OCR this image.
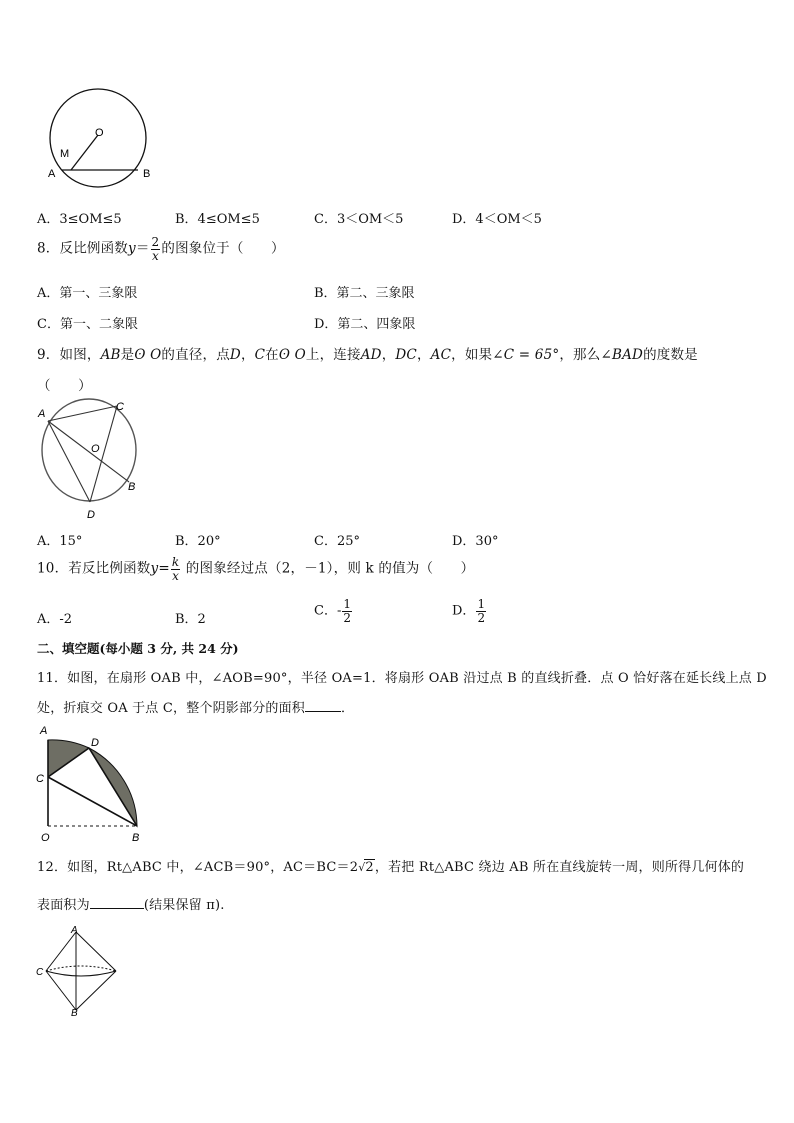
O
M
A	B
A．3≤OM≤5	B．4≤OM≤5	C．3＜OM＜5	D．4＜OM＜5
8．反比例函数$y= \frac{2}{x}$ 的图象位于（　　）
A．第一、三象限	B．第二、三象限
C．第一、二象限	D．第二、四象限
9．如图，AB是ʘ O的直径，点D，C在ʘ O上，连接AD，DC，AC，如果∠C = 65°，那么∠BAD的度数是
（　　）
A
C
O
B
D
A．15°	B．20°	C．25°	D．30°
10．若反比例函数$y= \frac{k}{x}$ 的图象经过点（2，－1），则 k 的值为（　　）
A．-2	B．2
C．- $\frac{1}{2}$	D． $\frac{1}{2}$
二、填空题(每小题 3 分, 共 24 分)
11．如图，在扇形 OAB 中，∠AOB=90°，半径 OA=1．将扇形 OAB 沿过点 B 的直线折叠．点 O 恰好落在延长线上点 D
处，折痕交 OA 于点 C，整个阴影部分的面积	．
A
D
C
O	B
12．如图，Rt△ABC 中，∠ACB＝90°，AC＝BC＝2√2，若把 Rt△ABC 绕边 AB 所在直线旋转一周，则所得几何体的
表面积为	(结果保留 π).
A
C
B
